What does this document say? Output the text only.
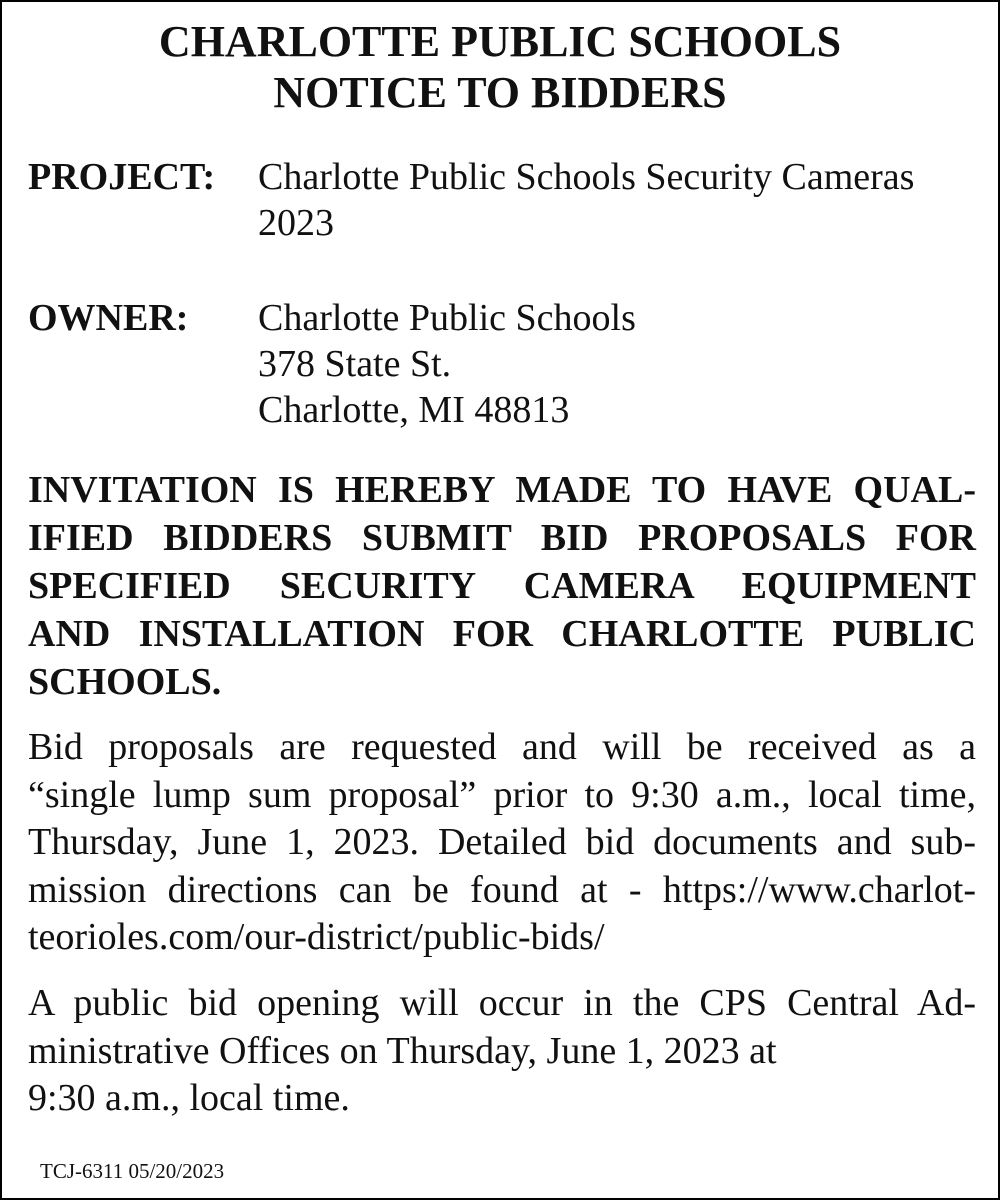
CHARLOTTE PUBLIC SCHOOLS
NOTICE TO BIDDERS
PROJECT: Charlotte Public Schools Security Cameras
2023
OWNER: Charlotte Public Schools
378 State St.
Charlotte, MI 48813
INVITATION IS HEREBY MADE TO HAVE QUAL-
IFIED BIDDERS SUBMIT BID PROPOSALS FOR
SPECIFIED SECURITY CAMERA EQUIPMENT
AND INSTALLATION FOR CHARLOTTE PUBLIC
SCHOOLS.
Bid proposals are requested and will be received as a
“single lump sum proposal” prior to 9:30 a.m., local time,
Thursday, June 1, 2023. Detailed bid documents and sub-
mission directions can be found at - https://www.charlot-
teorioles.com/our-district/public-bids/
A public bid opening will occur in the CPS Central Ad-
ministrative Offices on Thursday, June 1, 2023 at
9:30 a.m., local time.
TCJ-6311 05/20/2023
